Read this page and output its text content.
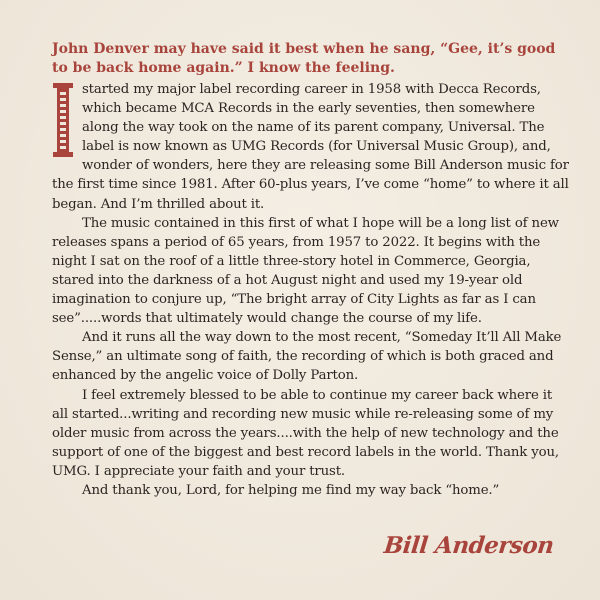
John Denver may have said it best when he sang, “Gee, it’s good to be back home again.” I know the feeling.

started my major label recording career in 1958 with Decca Records, which became MCA Records in the early seventies, then somewhere along the way took on the name of its parent company, Universal. The label is now known as UMG Records (for Universal Music Group), and, wonder of wonders, here they are releasing some Bill Anderson music for the first time since 1981. After 60-plus years, I’ve come “home” to where it all began. And I’m thrilled about it.

The music contained in this first of what I hope will be a long list of new releases spans a period of 65 years, from 1957 to 2022. It begins with the night I sat on the roof of a little three-story hotel in Commerce, Georgia, stared into the darkness of a hot August night and used my 19-year old imagination to conjure up, “The bright array of City Lights as far as I can see”.....words that ultimately would change the course of my life.

And it runs all the way down to the most recent, “Someday It’ll All Make Sense,” an ultimate song of faith, the recording of which is both graced and enhanced by the angelic voice of Dolly Parton.

I feel extremely blessed to be able to continue my career back where it all started...writing and recording new music while re-releasing some of my older music from across the years....with the help of new technology and the support of one of the biggest and best record labels in the world. Thank you, UMG. I appreciate your faith and your trust.

And thank you, Lord, for helping me find my way back “home.”

Bill Anderson
